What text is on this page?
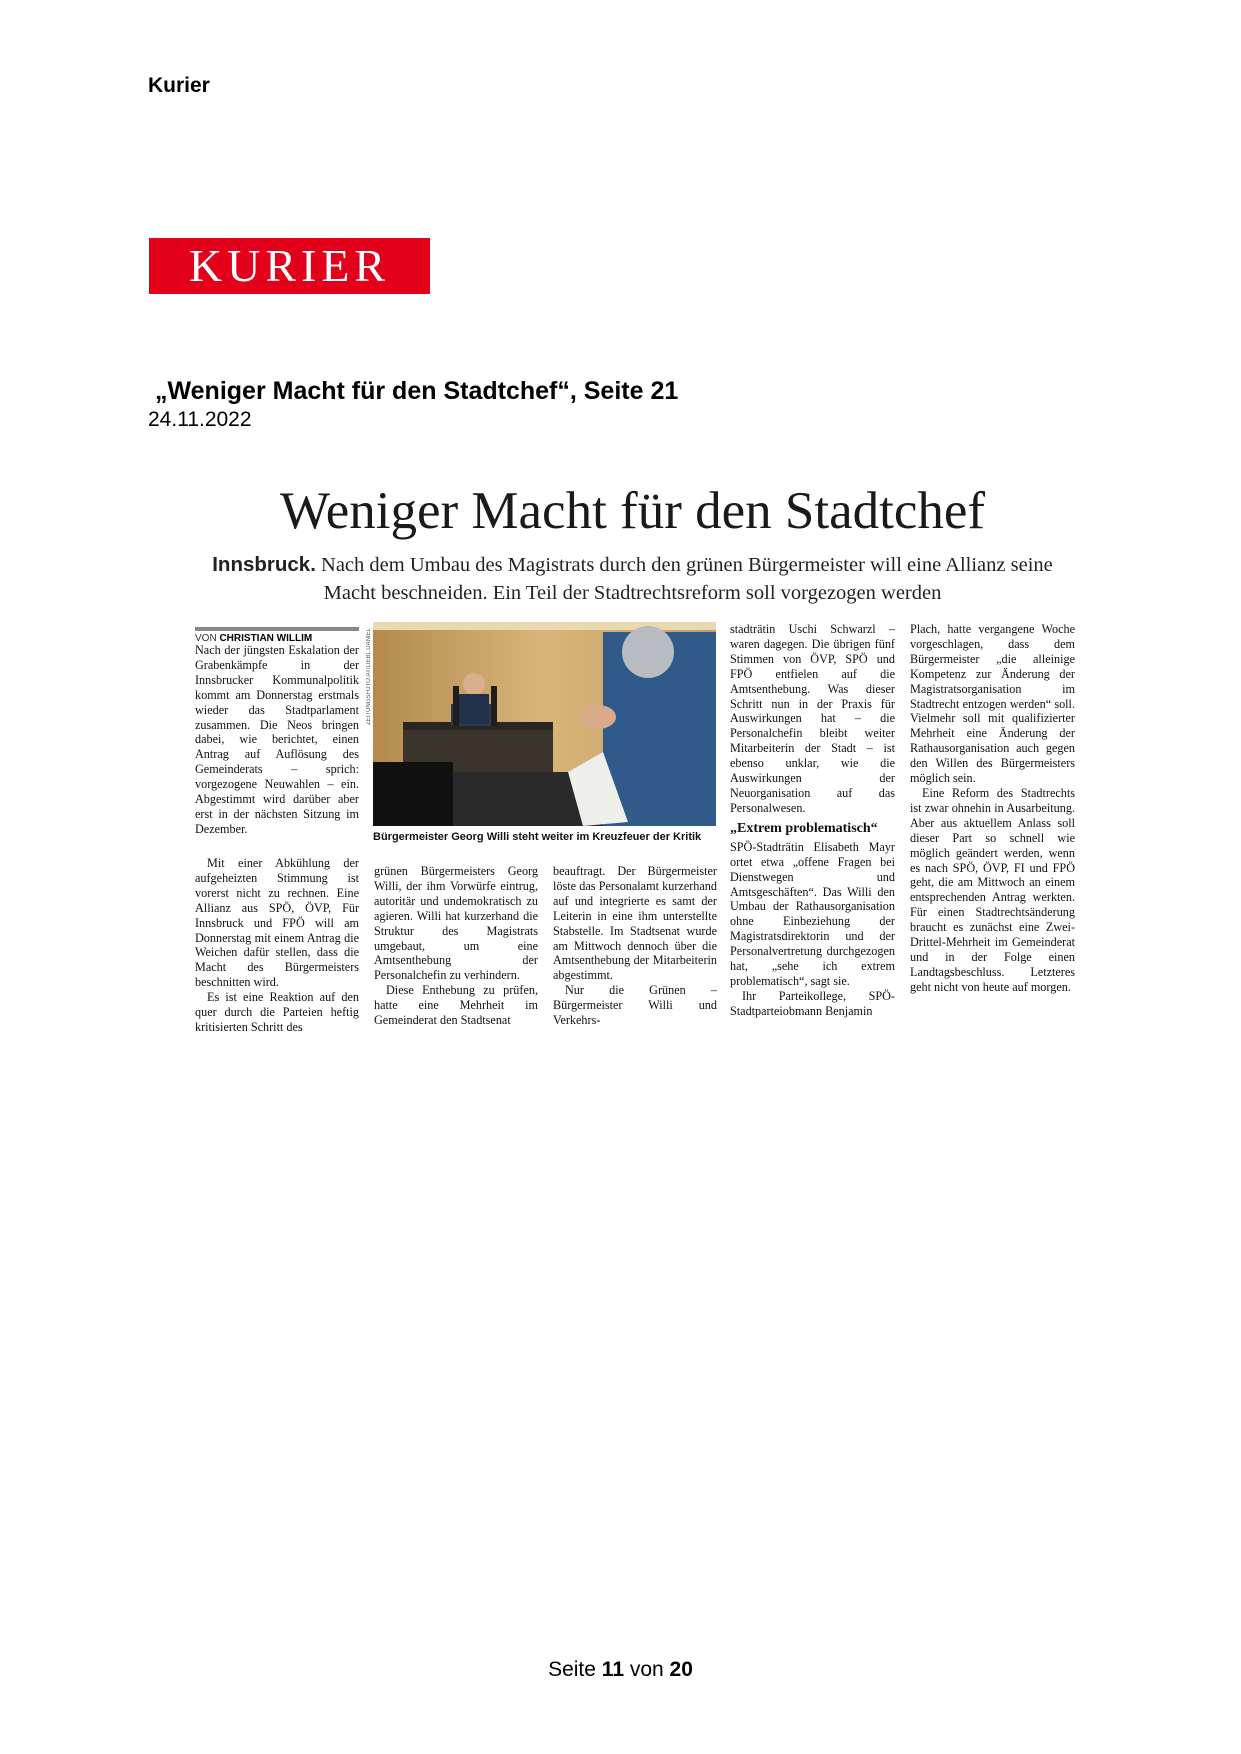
Kurier
KURIER
„Weniger Macht für den Stadtchef“, Seite 21
24.11.2022
Weniger Macht für den Stadtchef
Innsbruck. Nach dem Umbau des Magistrats durch den grünen Bürgermeister will eine Allianz seine Macht beschneiden. Ein Teil der Stadtrechtsreform soll vorgezogen werden
VON CHRISTIAN WILLIM

Nach der jüngsten Eskalation der Grabenkämpfe in der Innsbrucker Kommunalpolitik kommt am Donnerstag erstmals wieder das Stadtparlament zusammen. Die Neos bringen dabei, wie berichtet, einen Antrag auf Auflösung des Gemeinderats – sprich: vorgezogene Neuwahlen – ein. Abgestimmt wird darüber aber erst in der nächsten Sitzung im Dezember.

Mit einer Abkühlung der aufgeheizten Stimmung ist vorerst nicht zu rechnen. Eine Allianz aus SPÖ, ÖVP, Für Innsbruck und FPÖ will am Donnerstag mit einem Antrag die Weichen dafür stellen, dass die Macht des Bürgermeisters beschnitten wird.

Es ist eine Reaktion auf den quer durch die Parteien heftig kritisierten Schritt des

ZEITUNGSFOTO.AT/LIEBL DANIEL
Bürgermeister Georg Willi steht weiter im Kreuzfeuer der Kritik

grünen Bürgermeisters Georg Willi, der ihm Vorwürfe eintrug, autoritär und undemokratisch zu agieren. Willi hat kurzerhand die Struktur des Magistrats umgebaut, um eine Amtsenthebung der Personalchefin zu verhindern.

Diese Enthebung zu prüfen, hatte eine Mehrheit im Gemeinderat den Stadtsenat

beauftragt. Der Bürgermeister löste das Personalamt kurzerhand auf und integrierte es samt der Leiterin in eine ihm unterstellte Stabstelle. Im Stadtsenat wurde am Mittwoch dennoch über die Amtsenthebung der Mitarbeiterin abgestimmt.

Nur die Grünen – Bürgermeister Willi und Verkehrs-

stadträtin Uschi Schwarzl – waren dagegen. Die übrigen fünf Stimmen von ÖVP, SPÖ und FPÖ entfielen auf die Amtsenthebung. Was dieser Schritt nun in der Praxis für Auswirkungen hat – die Personalchefin bleibt weiter Mitarbeiterin der Stadt – ist ebenso unklar, wie die Auswirkungen der Neuorganisation auf das Personalwesen.

„Extrem problematisch“

SPÖ-Stadträtin Elisabeth Mayr ortet etwa „offene Fragen bei Dienstwegen und Amtsgeschäften“. Das Willi den Umbau der Rathausorganisation ohne Einbeziehung der Magistratsdirektorin und der Personalvertretung durchgezogen hat, „sehe ich extrem problematisch“, sagt sie.

Ihr Parteikollege, SPÖ-Stadtparteiobmann Benjamin

Plach, hatte vergangene Woche vorgeschlagen, dass dem Bürgermeister „die alleinige Kompetenz zur Änderung der Magistratsorganisation im Stadtrecht entzogen werden“ soll. Vielmehr soll mit qualifizierter Mehrheit eine Änderung der Rathausorganisation auch gegen den Willen des Bürgermeisters möglich sein.

Eine Reform des Stadtrechts ist zwar ohnehin in Ausarbeitung. Aber aus aktuellem Anlass soll dieser Part so schnell wie möglich geändert werden, wenn es nach SPÖ, ÖVP, FI und FPÖ geht, die am Mittwoch an einem entsprechenden Antrag werkten. Für einen Stadtrechtsänderung braucht es zunächst eine Zwei-Drittel-Mehrheit im Gemeinderat und in der Folge einen Landtagsbeschluss. Letzteres geht nicht von heute auf morgen.

Seite 11 von 20
